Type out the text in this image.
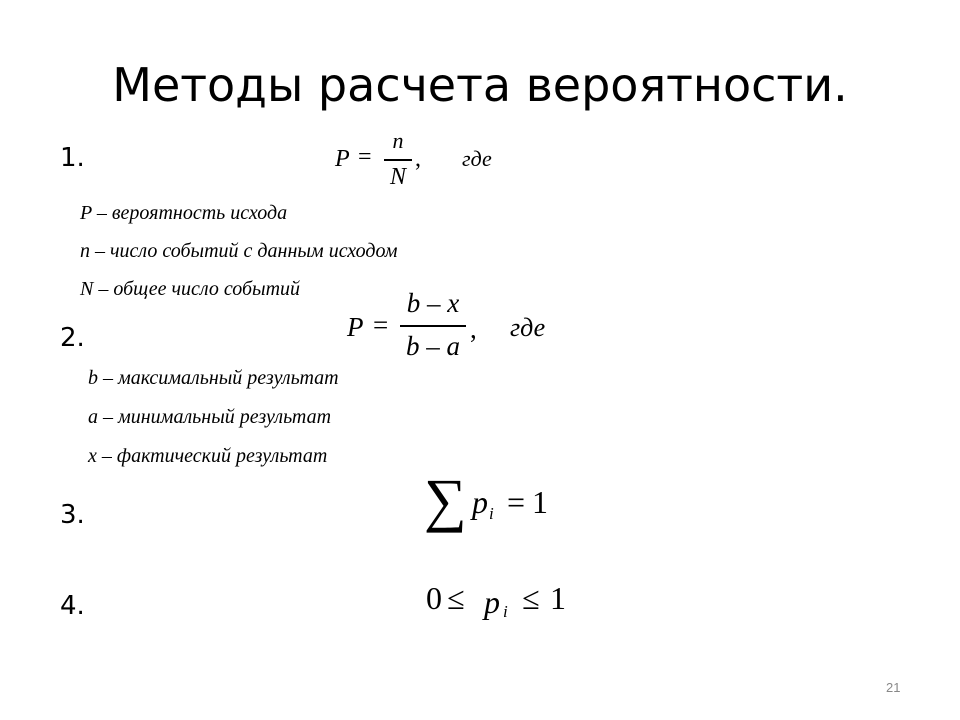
Методы расчета вероятности.
1.	P =
n
N
, где
P – вероятность исхода
n – число событий с данным исходом
N – общее число событий
2.	P =
b – x
b – a
, где
b – максимальный результат
a – минимальный результат
x – фактический результат
3.	∑ p i = 1
4.	0 ≤ p i ≤ 1
21
